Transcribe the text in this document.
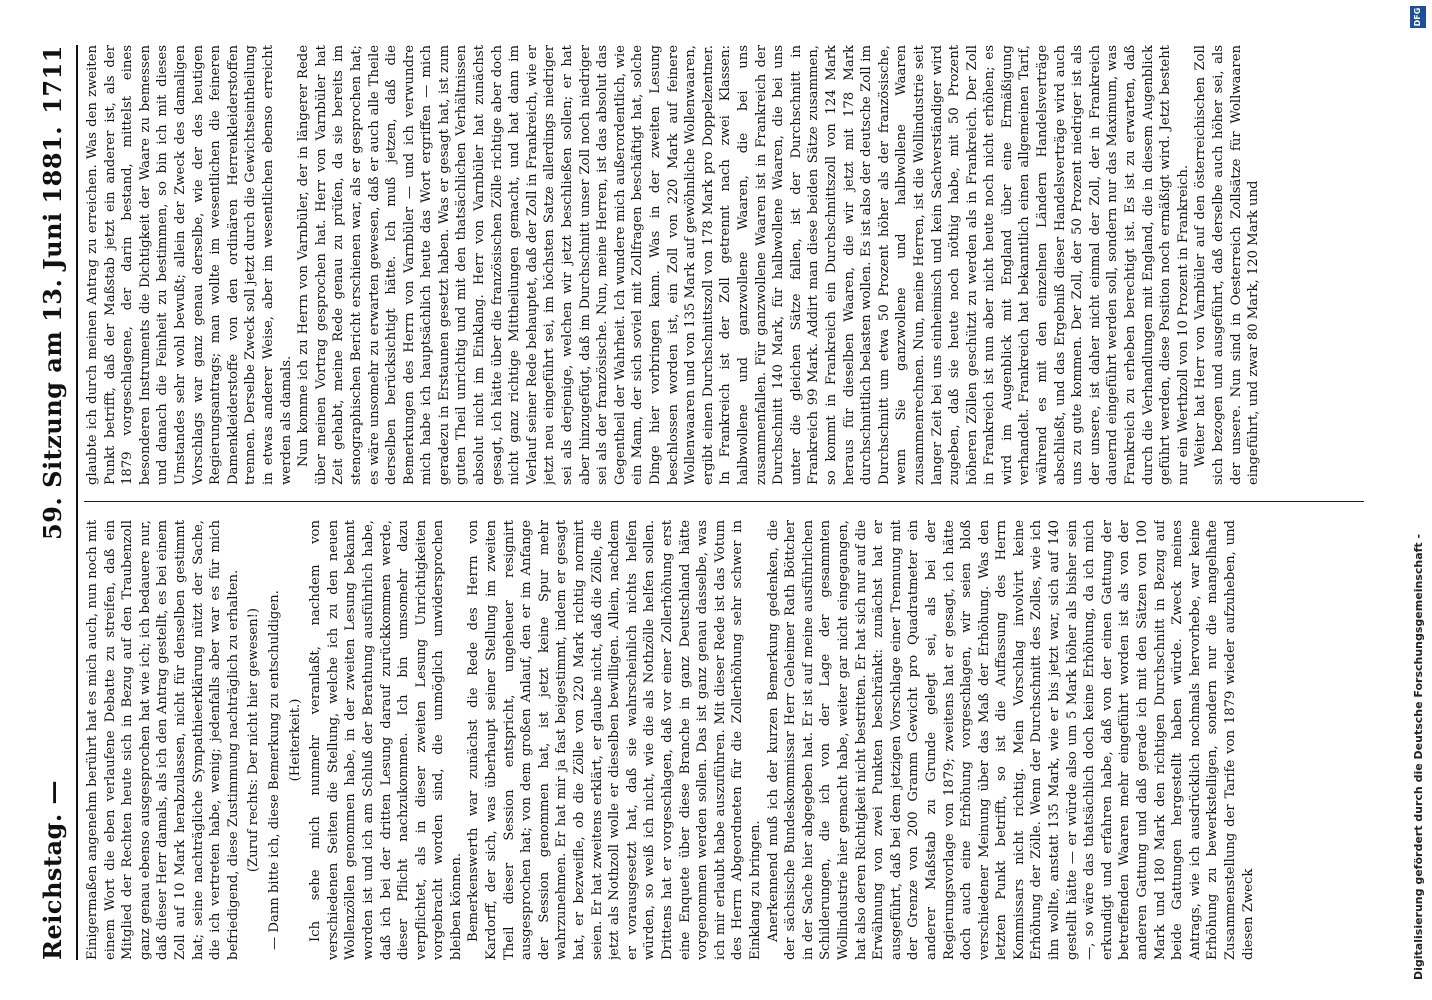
Reichstag. —
59. Sitzung am 13. Juni 1881.
1711

Einigermaßen angenehm berührt hat es mich auch, nun noch mit einem Wort die eben verlaufene Debatte zu streifen, daß ein Mitglied der Rechten heute sich in Bezug auf den Traubenzoll ganz genau ebenso ausgesprochen hat wie ich; ich bedauere nur, daß dieser Herr damals, als ich den Antrag gestellt, es bei einem Zoll auf 10 Mark herabzulassen, nicht für denselben gestimmt hat; seine nachträgliche Sympathieerklärung nützt der Sache, die ich vertreten habe, wenig; jedenfalls aber war es für mich befriedigend, diese Zustimmung nachträglich zu erhalten. (Zuruf rechts: Der nicht hier gewesen!) — Dann bitte ich, diese Bemerkung zu entschuldigen. (Heiterkeit.) Ich sehe mich nunmehr veranlaßt, nachdem von verschiedenen Seiten die Stellung, welche ich zu den neuen Wollenzöllen genommen habe, in der zweiten Lesung bekannt worden ist und ich am Schluß der Berathung ausführlich habe, daß ich bei der dritten Lesung darauf zurückkommen werde, dieser Pflicht nachzukommen. Ich bin umsomehr dazu verpflichtet, als in dieser zweiten Lesung Unrichtigkeiten vorgebracht worden sind, die unmöglich unwidersprochen bleiben können. Bemerkenswerth war zunächst die Rede des Herrn von Kardorff, der sich, was überhaupt seiner Stellung im zweiten Theil dieser Session entspricht, ungeheuer resignirt ausgesprochen hat; von dem großen Anlauf, den er im Anfange der Session genommen hat, ist jetzt keine Spur mehr wahrzunehmen. Er hat mir ja fast beigestimmt, indem er gesagt hat, er bezweifle, ob die Zölle von 220 Mark richtig normirt seien. Er hat zweitens erklärt, er glaube nicht, daß die Zölle, die jetzt als Nothzoll wolle er dieselben bewilligen. Allein, nachdem er vorausgesetzt hat, daß sie wahrscheinlich nichts helfen würden, so weiß ich nicht, wie die als Nothzölle helfen sollen. Drittens hat er vorgeschlagen, daß vor einer Zollerhöhung erst eine Enquete über diese Branche in ganz Deutschland hätte vorgenommen werden sollen. Das ist ganz genau dasselbe, was ich mir erlaubt habe auszuführen. Mit dieser Rede ist das Votum des Herrn Abgeordneten für die Zollerhöhung sehr schwer in Einklang zu bringen. Anerkennend muß ich der kurzen Bemerkung gedenken, die der sächsische Bundeskommissar Herr Geheimer Rath Böttcher in der Sache hier abgegeben hat. Er ist auf meine ausführlichen Schilderungen, die ich von der Lage der gesammten Wollindustrie hier gemacht habe, weiter gar nicht eingegangen, hat also deren Richtigkeit nicht bestritten. Er hat sich nur auf die Erwähnung von zwei Punkten beschränkt: zunächst hat er ausgeführt, daß bei dem jetzigen Vorschlage einer Trennung mit der Grenze von 200 Gramm Gewicht pro Quadratmeter ein anderer Maßstab zu Grunde gelegt sei, als bei der Regierungsvorlage von 1879; zweitens hat er gesagt, ich hätte doch auch eine Erhöhung vorgeschlagen, wir seien bloß verschiedener Meinung über das Maß der Erhöhung. Was den letzten Punkt betrifft, so ist die Auffassung des Herrn Kommissars nicht richtig. Mein Vorschlag involvirt keine Erhöhung der Zölle. Wenn der Durchschnitt des Zolles, wie ich ihn wollte, anstatt 135 Mark, wie er bis jetzt war, sich auf 140 gestellt hätte — er würde also um 5 Mark höher als bisher sein —, so wäre das thatsächlich doch keine Erhöhung, da ich mich erkundigt und erfahren habe, daß von der einen Gattung der betreffenden Waaren mehr eingeführt worden ist als von der anderen Gattung und daß gerade ich mit den Sätzen von 100 Mark und 180 Mark den richtigen Durchschnitt in Bezug auf beide Gattungen hergestellt haben würde. Zweck meines Antrags, wie ich ausdrücklich nochmals hervorhebe, war keine Erhöhung zu bewerkstelligen, sondern nur die mangelhafte Zusammenstellung der Tarife von 1879 wieder aufzuheben, und diesen Zweck

glaubte ich durch meinen Antrag zu erreichen. Was den zweiten Punkt betrifft, daß der Maßstab jetzt ein anderer ist, als der 1879 vorgeschlagene, der darin bestand, mittelst eines besonderen Instruments die Dichtigkeit der Waare zu bemessen und danach die Feinheit zu bestimmen, so bin ich mit dieses Umstandes sehr wohl bewußt; allein der Zweck des damaligen Vorschlags war ganz genau derselbe, wie der des heutigen Regierungsantrags; man wollte im wesentlichen die feineren Damenkleiderstoffe von den ordinären Herrenkleiderstoffen trennen. Derselbe Zweck soll jetzt durch die Gewichtseintheilung in etwas anderer Weise, aber im wesentlichen ebenso erreicht werden als damals. Nun komme ich zu Herrn von Varnbüler, der in längerer Rede über meinen Vortrag gesprochen hat. Herr von Varnbüler hat Zeit gehabt, meine Rede genau zu prüfen, da sie bereits im stenographischen Bericht erschienen war, als er gesprochen hat; es wäre unsomehr zu erwarten gewesen, daß er auch alle Theile derselben berücksichtigt hätte. Ich muß jetzen, daß die Bemerkungen des Herrn von Varnbüler — und ich verwundre mich habe ich hauptsächlich heute das Wort ergriffen — mich geradezu in Erstaunen gesetzt haben. Was er gesagt hat, ist zum guten Theil unrichtig und mit den thatsächlichen Verhältnissen absolut nicht im Einklang. Herr von Varnbüler hat zunächst gesagt, ich hätte über die französischen Zölle richtige aber doch nicht ganz richtige Mittheilungen gemacht, und hat dann im Verlauf seiner Rede behauptet, daß der Zoll in Frankreich, wie er jetzt neu eingeführt sei, im höchsten Satze allerdings niedriger sei als derjenige, welchen wir jetzt beschließen sollen; er hat aber hinzugefügt, daß im Durchschnitt unser Zoll noch niedriger sei als der französische. Nun, meine Herren, ist das absolut das Gegentheil der Wahrheit. Ich wundere mich außerordentlich, wie ein Mann, der sich soviel mit Zollfragen beschäftigt hat, solche Dinge hier vorbringen kann. Was in der zweiten Lesung beschlossen worden ist, ein Zoll von 220 Mark auf feinere Wollenwaaren und von 135 Mark auf gewöhnliche Wollenwaaren, ergibt einen Durchschnittszoll von 178 Mark pro Doppelzentner. In Frankreich ist der Zoll getrennt nach zwei Klassen: halbwollene und ganzwollene Waaren, die bei uns zusammenfallen. Für ganzwollene Waaren ist in Frankreich der Durchschnitt 140 Mark, für halbwollene Waaren, die bei uns unter die gleichen Sätze fallen, ist der Durchschnitt in Frankreich 99 Mark. Addirt man diese beiden Sätze zusammen, so kommt in Frankreich ein Durchschnittszoll von 124 Mark heraus für dieselben Waaren, die wir jetzt mit 178 Mark durchschnittlich belasten wollen. Es ist also der deutsche Zoll im Durchschnitt um etwa 50 Prozent höher als der französische, wenn Sie ganzwollene und halbwollene Waaren zusammenrechnen. Nun, meine Herren, ist die Wollindustrie seit langer Zeit bei uns einheimisch und kein Sachverständiger wird zugeben, daß sie heute noch nöthig habe, mit 50 Prozent höheren Zöllen geschützt zu werden als in Frankreich. Der Zoll in Frankreich ist nun aber nicht heute noch nicht erhöhen; es wird im Augenblick mit England über eine Ermäßigung verhandelt. Frankreich hat bekanntlich einen allgemeinen Tarif, während es mit den einzelnen Ländern Handelsverträge abschließt, und das Ergebniß dieser Handelsverträge wird auch uns zu gute kommen. Der Zoll, der 50 Prozent niedriger ist als der unsere, ist daher nicht einmal der Zoll, der in Frankreich dauernd eingeführt werden soll, sondern nur das Maximum, was Frankreich zu erheben berechtigt ist. Es ist zu erwarten, daß durch die Verhandlungen mit England, die in diesem Augenblick geführt werden, diese Position noch ermäßigt wird. Jetzt besteht nur ein Werthzoll von 10 Prozent in Frankreich. Weiter hat Herr von Varnbüler auf den österreichischen Zoll sich bezogen und ausgeführt, daß derselbe auch höher sei, als der unsere. Nun sind in Oesterreich Zollsätze für Wollwaaren eingeführt, und zwar 80 Mark, 120 Mark und

Digitalisierung gefördert durch die Deutsche Forschungsgemeinschaft -
DFG
